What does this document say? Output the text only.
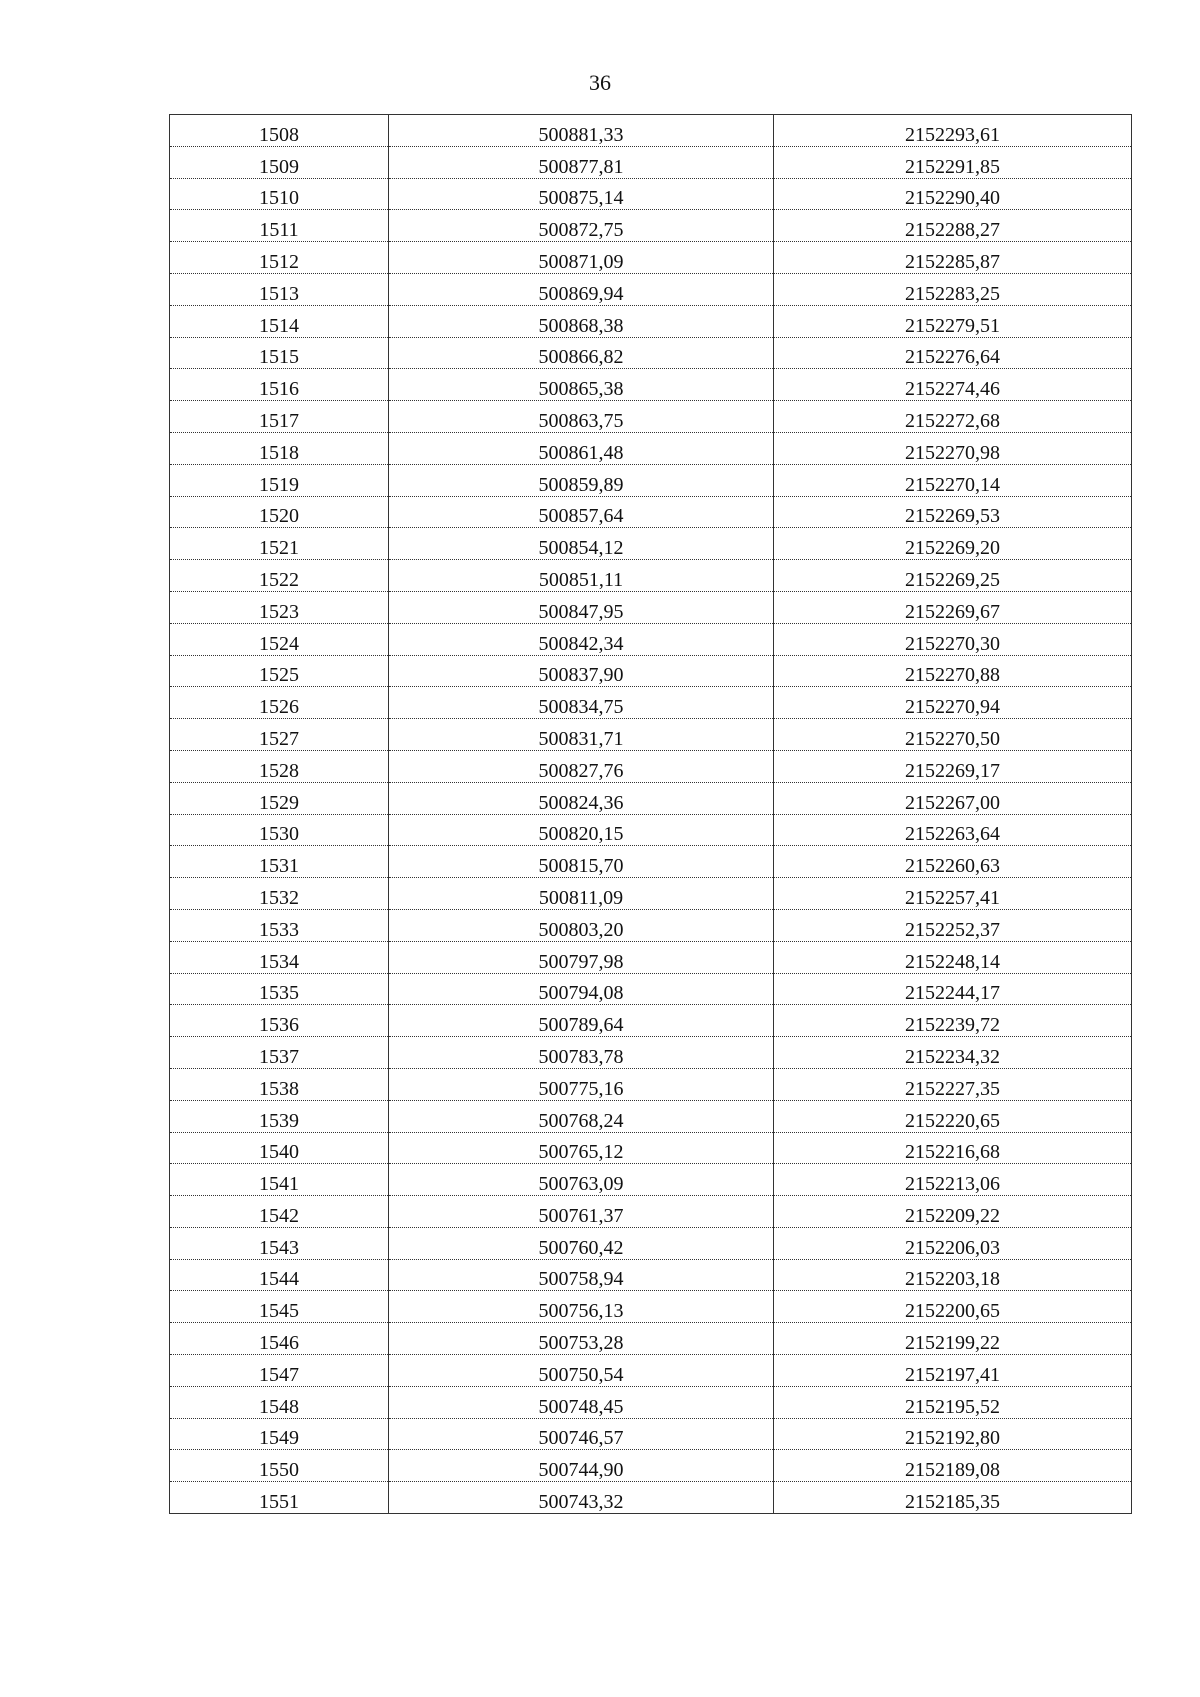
36
1508	500881,33	2152293,61
1509	500877,81	2152291,85
1510	500875,14	2152290,40
1511	500872,75	2152288,27
1512	500871,09	2152285,87
1513	500869,94	2152283,25
1514	500868,38	2152279,51
1515	500866,82	2152276,64
1516	500865,38	2152274,46
1517	500863,75	2152272,68
1518	500861,48	2152270,98
1519	500859,89	2152270,14
1520	500857,64	2152269,53
1521	500854,12	2152269,20
1522	500851,11	2152269,25
1523	500847,95	2152269,67
1524	500842,34	2152270,30
1525	500837,90	2152270,88
1526	500834,75	2152270,94
1527	500831,71	2152270,50
1528	500827,76	2152269,17
1529	500824,36	2152267,00
1530	500820,15	2152263,64
1531	500815,70	2152260,63
1532	500811,09	2152257,41
1533	500803,20	2152252,37
1534	500797,98	2152248,14
1535	500794,08	2152244,17
1536	500789,64	2152239,72
1537	500783,78	2152234,32
1538	500775,16	2152227,35
1539	500768,24	2152220,65
1540	500765,12	2152216,68
1541	500763,09	2152213,06
1542	500761,37	2152209,22
1543	500760,42	2152206,03
1544	500758,94	2152203,18
1545	500756,13	2152200,65
1546	500753,28	2152199,22
1547	500750,54	2152197,41
1548	500748,45	2152195,52
1549	500746,57	2152192,80
1550	500744,90	2152189,08
1551	500743,32	2152185,35
